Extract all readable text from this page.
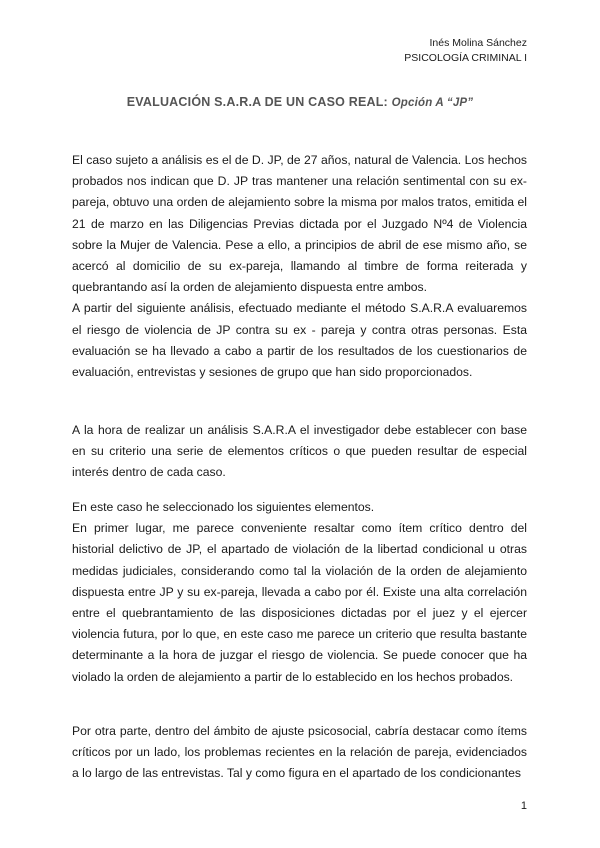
Inés Molina Sánchez
PSICOLOGÍA CRIMINAL I
EVALUACIÓN S.A.R.A DE UN CASO REAL: Opción A “JP”

El caso sujeto a análisis es el de D. JP, de 27 años, natural de Valencia. Los hechos probados nos indican que D. JP tras mantener una relación sentimental con su ex-pareja, obtuvo una orden de alejamiento sobre la misma por malos tratos, emitida el 21 de marzo en las Diligencias Previas dictada por el Juzgado Nº4 de Violencia sobre la Mujer de Valencia. Pese a ello, a principios de abril de ese mismo año, se acercó al domicilio de su ex-pareja, llamando al timbre de forma reiterada y quebrantando así la orden de alejamiento dispuesta entre ambos.

A partir del siguiente análisis, efectuado mediante el método S.A.R.A evaluaremos el riesgo de violencia de JP contra su ex - pareja y contra otras personas. Esta evaluación se ha llevado a cabo a partir de los resultados de los cuestionarios de evaluación, entrevistas y sesiones de grupo que han sido proporcionados.

A la hora de realizar un análisis S.A.R.A el investigador debe establecer con base en su criterio una serie de elementos críticos o que pueden resultar de especial interés dentro de cada caso.

En este caso he seleccionado los siguientes elementos.

En primer lugar, me parece conveniente resaltar como ítem crítico dentro del historial delictivo de JP, el apartado de violación de la libertad condicional u otras medidas judiciales, considerando como tal la violación de la orden de alejamiento dispuesta entre JP y su ex-pareja, llevada a cabo por él. Existe una alta correlación entre el quebrantamiento de las disposiciones dictadas por el juez y el ejercer violencia futura, por lo que, en este caso me parece un criterio que resulta bastante determinante a la hora de juzgar el riesgo de violencia. Se puede conocer que ha violado la orden de alejamiento a partir de lo establecido en los hechos probados.

Por otra parte, dentro del ámbito de ajuste psicosocial, cabría destacar como ítems críticos por un lado, los problemas recientes en la relación de pareja, evidenciados a lo largo de las entrevistas. Tal y como figura en el apartado de los condicionantes

1
